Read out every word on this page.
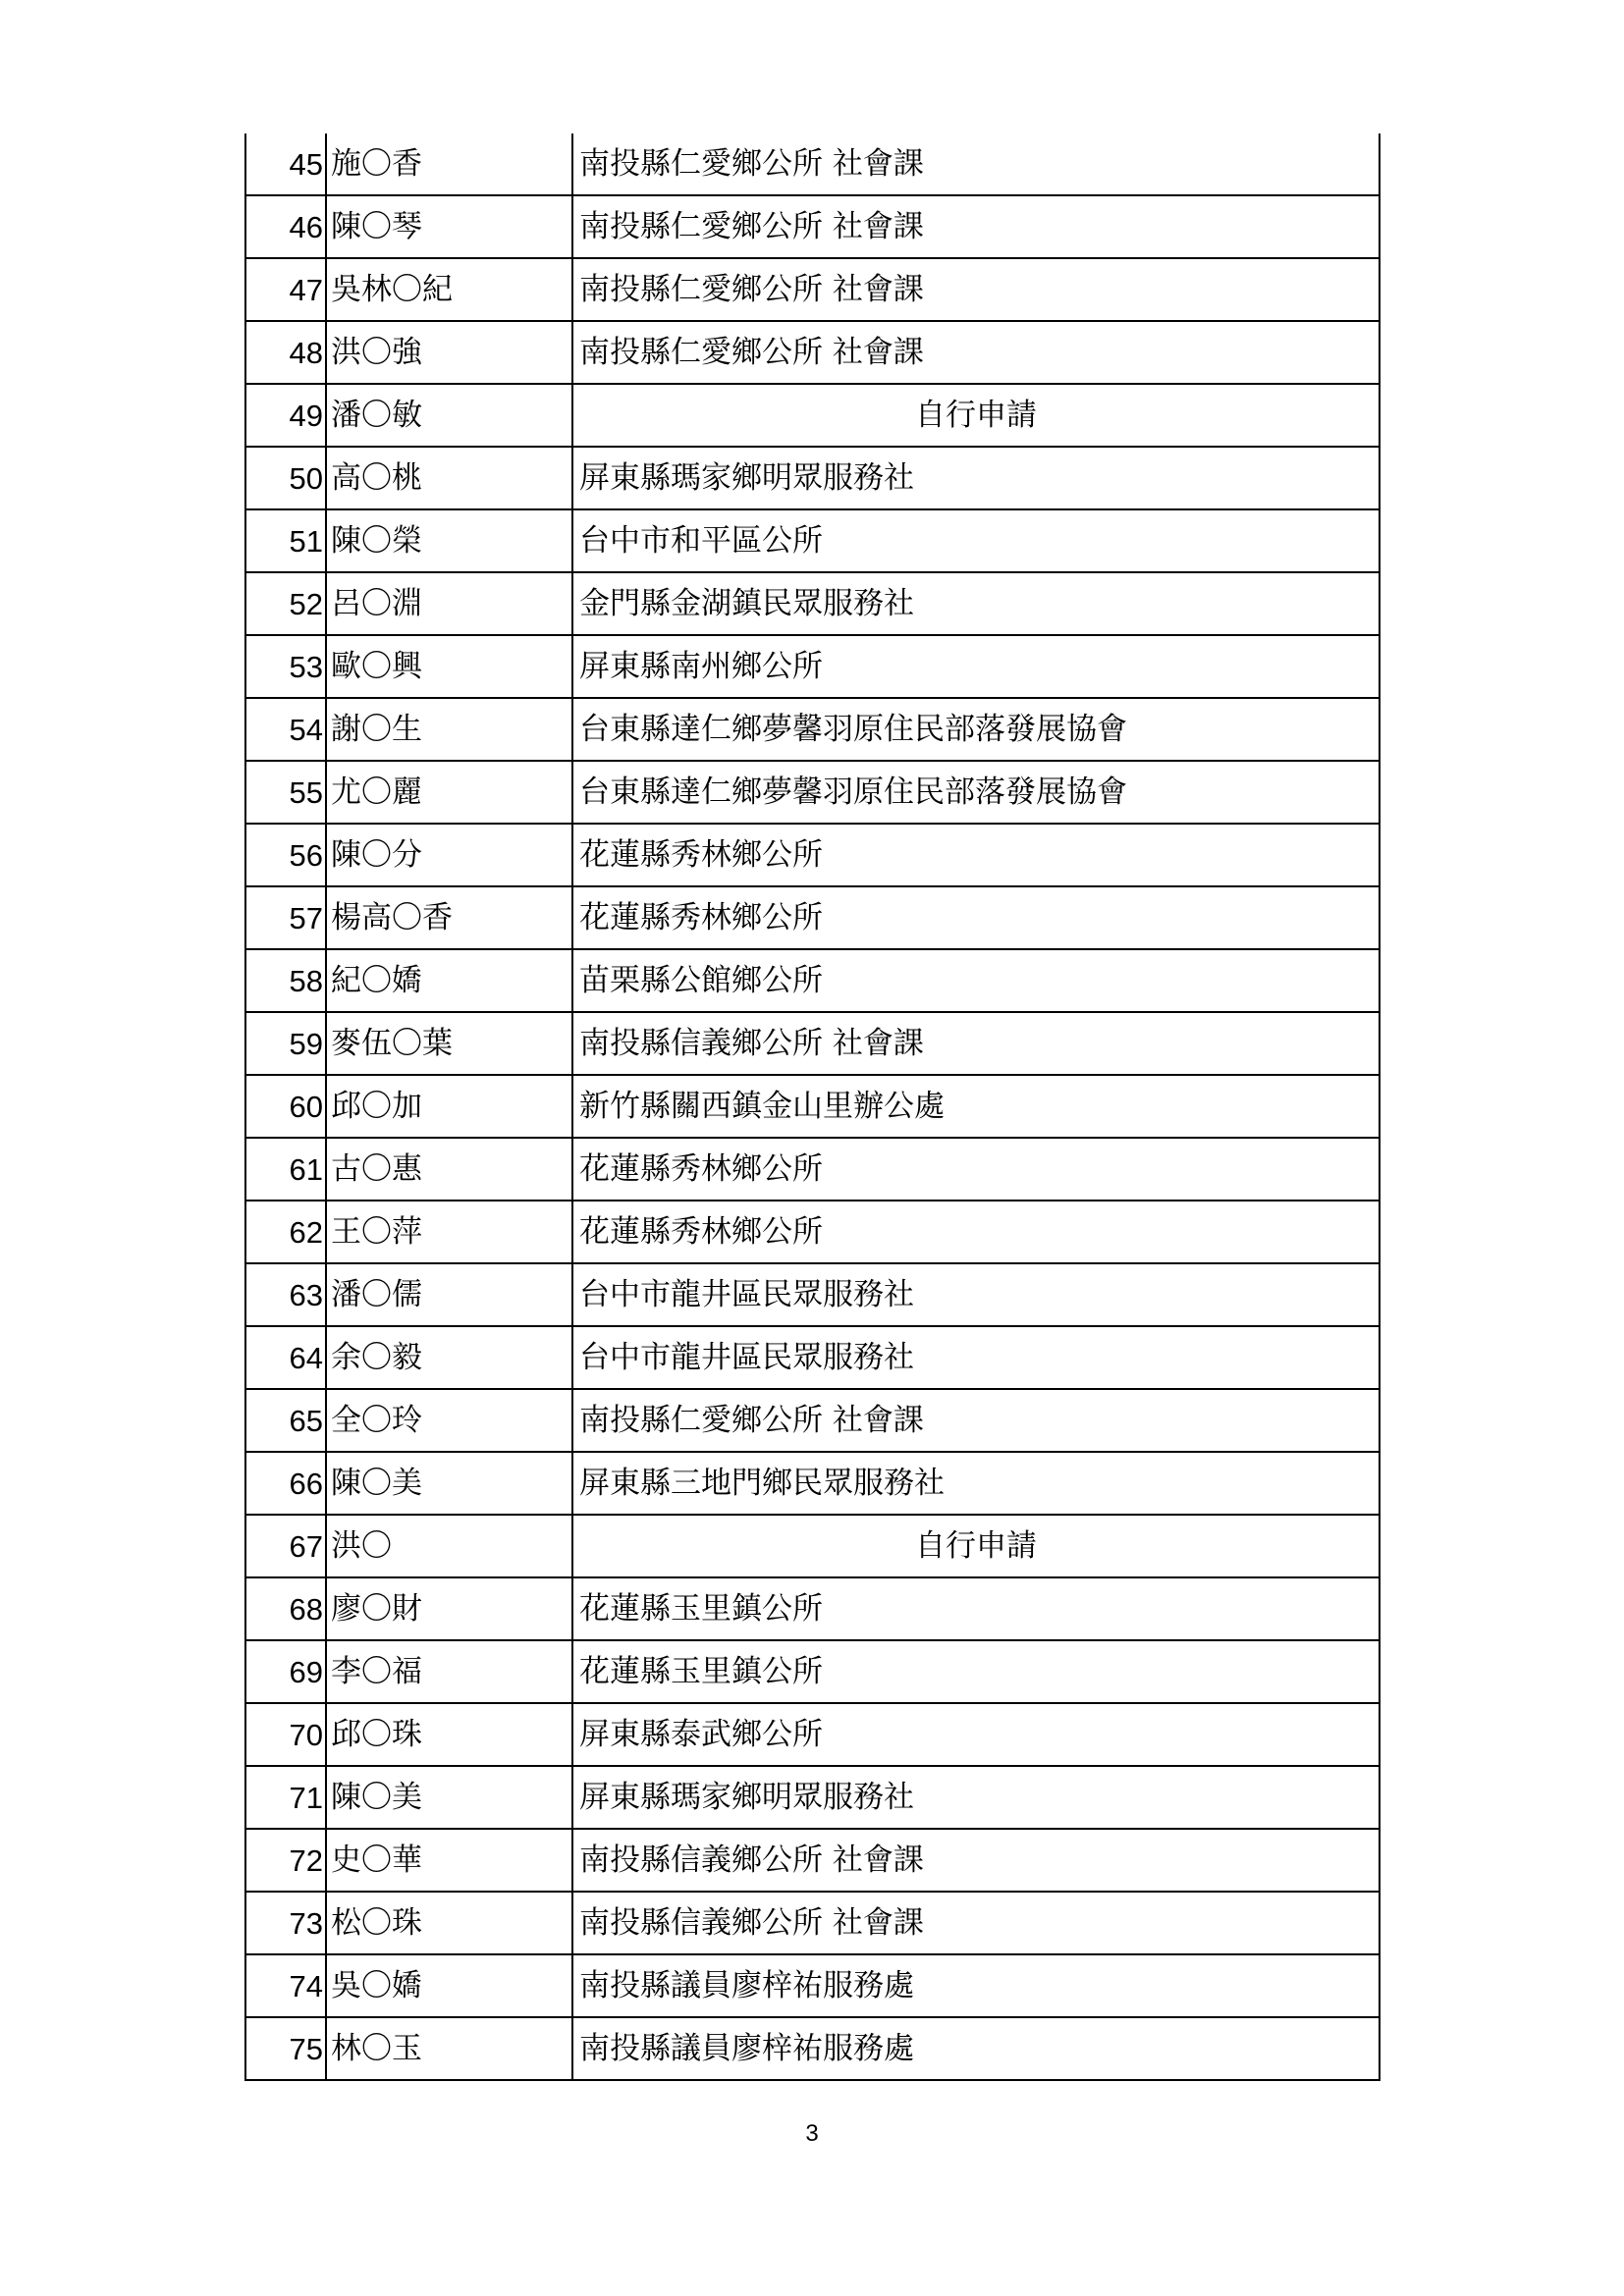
45	施〇香	南投縣仁愛鄉公所 社會課
46	陳〇琴	南投縣仁愛鄉公所 社會課
47	吳林〇紀	南投縣仁愛鄉公所 社會課
48	洪〇強	南投縣仁愛鄉公所 社會課
49	潘〇敏	自行申請
50	高〇桃	屏東縣瑪家鄉明眾服務社
51	陳〇榮	台中市和平區公所
52	呂〇淵	金門縣金湖鎮民眾服務社
53	歐〇興	屏東縣南州鄉公所
54	謝〇生	台東縣達仁鄉夢馨羽原住民部落發展協會
55	尤〇麗	台東縣達仁鄉夢馨羽原住民部落發展協會
56	陳〇分	花蓮縣秀林鄉公所
57	楊高〇香	花蓮縣秀林鄉公所
58	紀〇嬌	苗栗縣公館鄉公所
59	麥伍〇葉	南投縣信義鄉公所 社會課
60	邱〇加	新竹縣關西鎮金山里辦公處
61	古〇惠	花蓮縣秀林鄉公所
62	王〇萍	花蓮縣秀林鄉公所
63	潘〇儒	台中市龍井區民眾服務社
64	余〇毅	台中市龍井區民眾服務社
65	全〇玲	南投縣仁愛鄉公所 社會課
66	陳〇美	屏東縣三地門鄉民眾服務社
67	洪〇	自行申請
68	廖〇財	花蓮縣玉里鎮公所
69	李〇福	花蓮縣玉里鎮公所
70	邱〇珠	屏東縣泰武鄉公所
71	陳〇美	屏東縣瑪家鄉明眾服務社
72	史〇華	南投縣信義鄉公所 社會課
73	松〇珠	南投縣信義鄉公所 社會課
74	吳〇嬌	南投縣議員廖梓祐服務處
75	林〇玉	南投縣議員廖梓祐服務處
3
